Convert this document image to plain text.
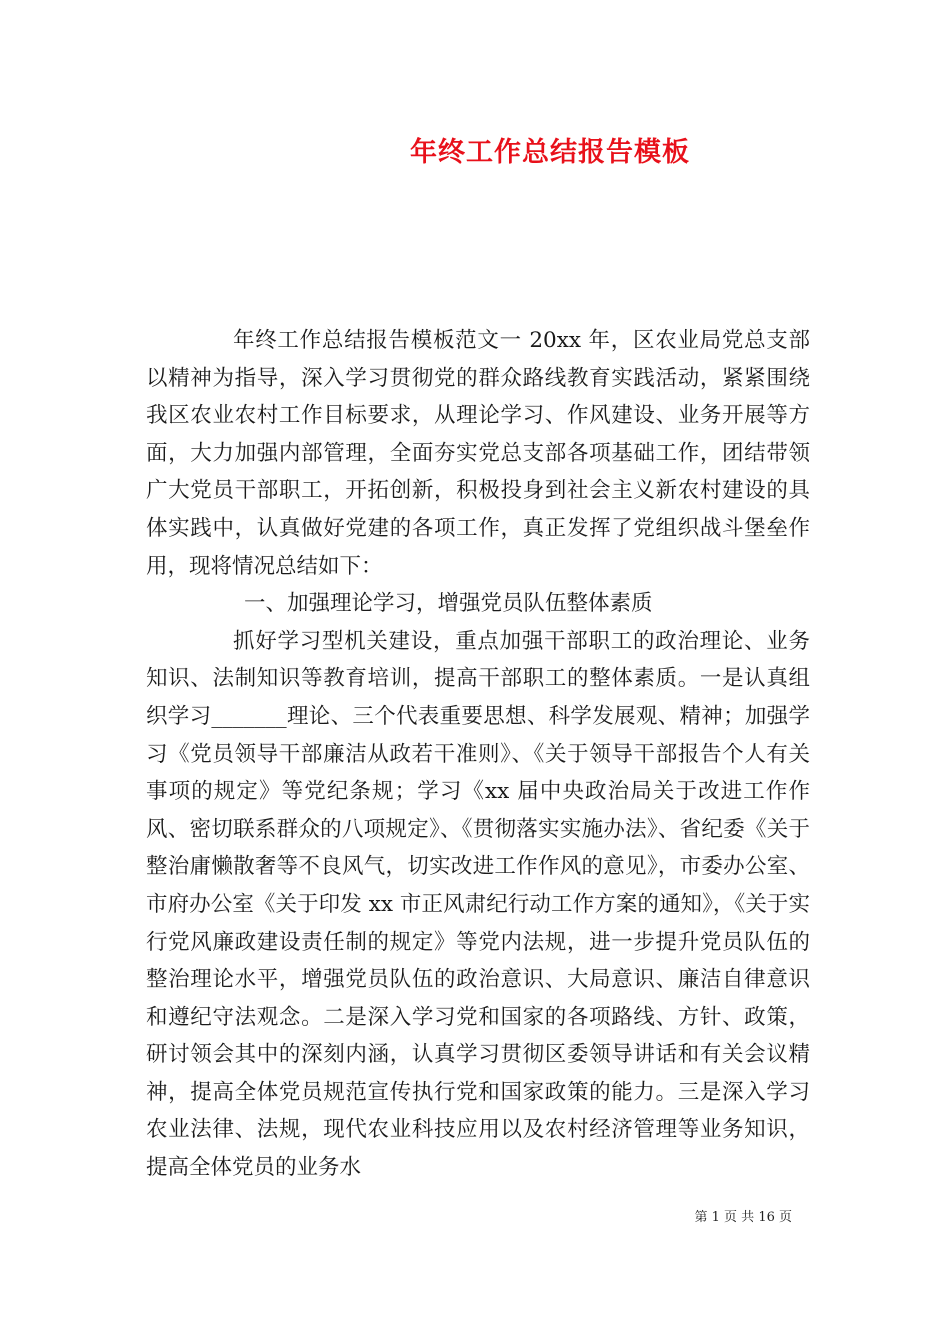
年终工作总结报告模板

年终工作总结报告模板范文一 20xx 年，区农业局党总支部以精神为指导，深入学习贯彻党的群众路线教育实践活动，紧紧围绕我区农业农村工作目标要求，从理论学习、作风建设、业务开展等方面，大力加强内部管理，全面夯实党总支部各项基础工作，团结带领广大党员干部职工，开拓创新，积极投身到社会主义新农村建设的具体实践中，认真做好党建的各项工作，真正发挥了党组织战斗堡垒作用，现将情况总结如下：

一、加强理论学习，增强党员队伍整体素质

抓好学习型机关建设，重点加强干部职工的政治理论、业务知识、法制知识等教育培训，提高干部职工的整体素质。一是认真组织学习_______理论、三个代表重要思想、科学发展观、精神；加强学习《党员领导干部廉洁从政若干准则》、《关于领导干部报告个人有关事项的规定》等党纪条规；学习《xx 届中央政治局关于改进工作作风、密切联系群众的八项规定》、《贯彻落实实施办法》、省纪委《关于整治庸懒散奢等不良风气，切实改进工作作风的意见》，市委办公室、市府办公室《关于印发 xx 市正风肃纪行动工作方案的通知》，《关于实行党风廉政建设责任制的规定》等党内法规，进一步提升党员队伍的整治理论水平，增强党员队伍的政治意识、大局意识、廉洁自律意识和遵纪守法观念。二是深入学习党和国家的各项路线、方针、政策，研讨领会其中的深刻内涵，认真学习贯彻区委领导讲话和有关会议精神，提高全体党员规范宣传执行党和国家政策的能力。三是深入学习农业法律、法规，现代农业科技应用以及农村经济管理等业务知识，提高全体党员的业务水

第 1 页 共 16 页
